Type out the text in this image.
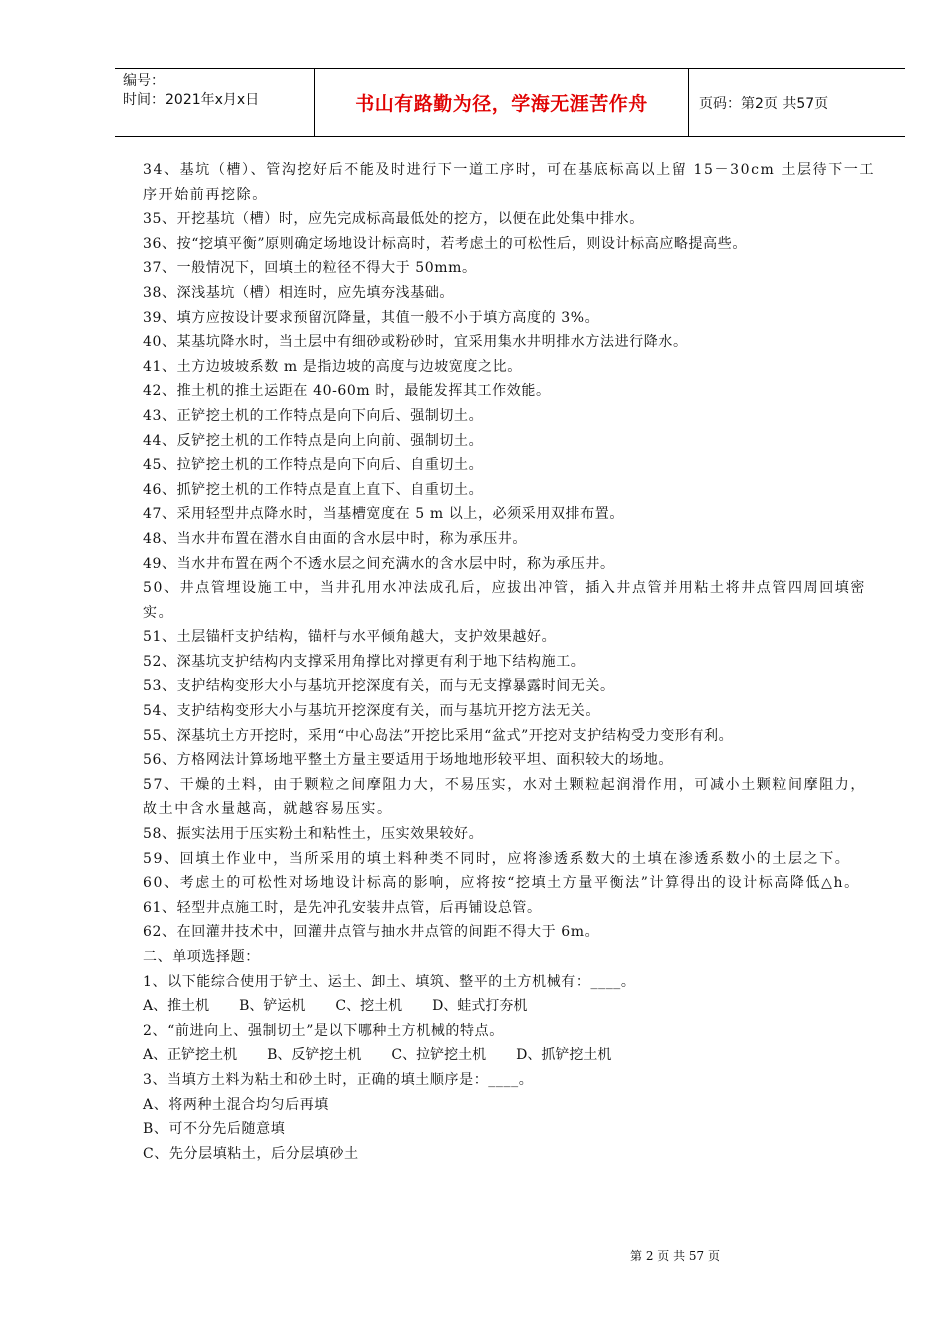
编号：
时间：2021年x月x日	书山有路勤为径，学海无涯苦作舟	页码：第2页 共57页
34、基坑（槽）、管沟挖好后不能及时进行下一道工序时，可在基底标高以上留 15－30cm 土层待下一工序开始前再挖除。
35、开挖基坑（槽）时，应先完成标高最低处的挖方，以便在此处集中排水。
36、按“挖填平衡”原则确定场地设计标高时，若考虑土的可松性后，则设计标高应略提高些。
37、一般情况下，回填土的粒径不得大于 50mm。
38、深浅基坑（槽）相连时，应先填夯浅基础。
39、填方应按设计要求预留沉降量，其值一般不小于填方高度的 3%。
40、某基坑降水时，当土层中有细砂或粉砂时，宜采用集水井明排水方法进行降水。
41、土方边坡坡系数 m 是指边坡的高度与边坡宽度之比。
42、推土机的推土运距在 40-60m 时，最能发挥其工作效能。
43、正铲挖土机的工作特点是向下向后、强制切土。
44、反铲挖土机的工作特点是向上向前、强制切土。
45、拉铲挖土机的工作特点是向下向后、自重切土。
46、抓铲挖土机的工作特点是直上直下、自重切土。
47、采用轻型井点降水时，当基槽宽度在 5 m 以上，必须采用双排布置。
48、当水井布置在潜水自由面的含水层中时，称为承压井。
49、当水井布置在两个不透水层之间充满水的含水层中时，称为承压井。
50、井点管埋设施工中，当井孔用水冲法成孔后，应拔出冲管，插入井点管并用粘土将井点管四周回填密实。
51、土层锚杆支护结构，锚杆与水平倾角越大，支护效果越好。
52、深基坑支护结构内支撑采用角撑比对撑更有利于地下结构施工。
53、支护结构变形大小与基坑开挖深度有关，而与无支撑暴露时间无关。
54、支护结构变形大小与基坑开挖深度有关，而与基坑开挖方法无关。
55、深基坑土方开挖时，采用“中心岛法”开挖比采用“盆式”开挖对支护结构受力变形有利。
56、方格网法计算场地平整土方量主要适用于场地地形较平坦、面积较大的场地。
57、干燥的土料，由于颗粒之间摩阻力大，不易压实，水对土颗粒起润滑作用，可减小土颗粒间摩阻力，故土中含水量越高，就越容易压实。
58、振实法用于压实粉土和粘性土，压实效果较好。
59、回填土作业中，当所采用的填土料种类不同时，应将渗透系数大的土填在渗透系数小的土层之下。
60、考虑土的可松性对场地设计标高的影响，应将按“挖填土方量平衡法”计算得出的设计标高降低△h。
61、轻型井点施工时，是先冲孔安装井点管，后再铺设总管。
62、在回灌井技术中，回灌井点管与抽水井点管的间距不得大于 6m。
二、单项选择题：
1、以下能综合使用于铲土、运土、卸土、填筑、整平的土方机械有：____。
A、推土机 B、铲运机 C、挖土机 D、蛙式打夯机
2、“前进向上、强制切土”是以下哪种土方机械的特点。
A、正铲挖土机 B、反铲挖土机 C、拉铲挖土机 D、抓铲挖土机
3、当填方土料为粘土和砂土时，正确的填土顺序是：____。
A、将两种土混合均匀后再填
B、可不分先后随意填
C、先分层填粘土，后分层填砂土
第 2 页 共 57 页
